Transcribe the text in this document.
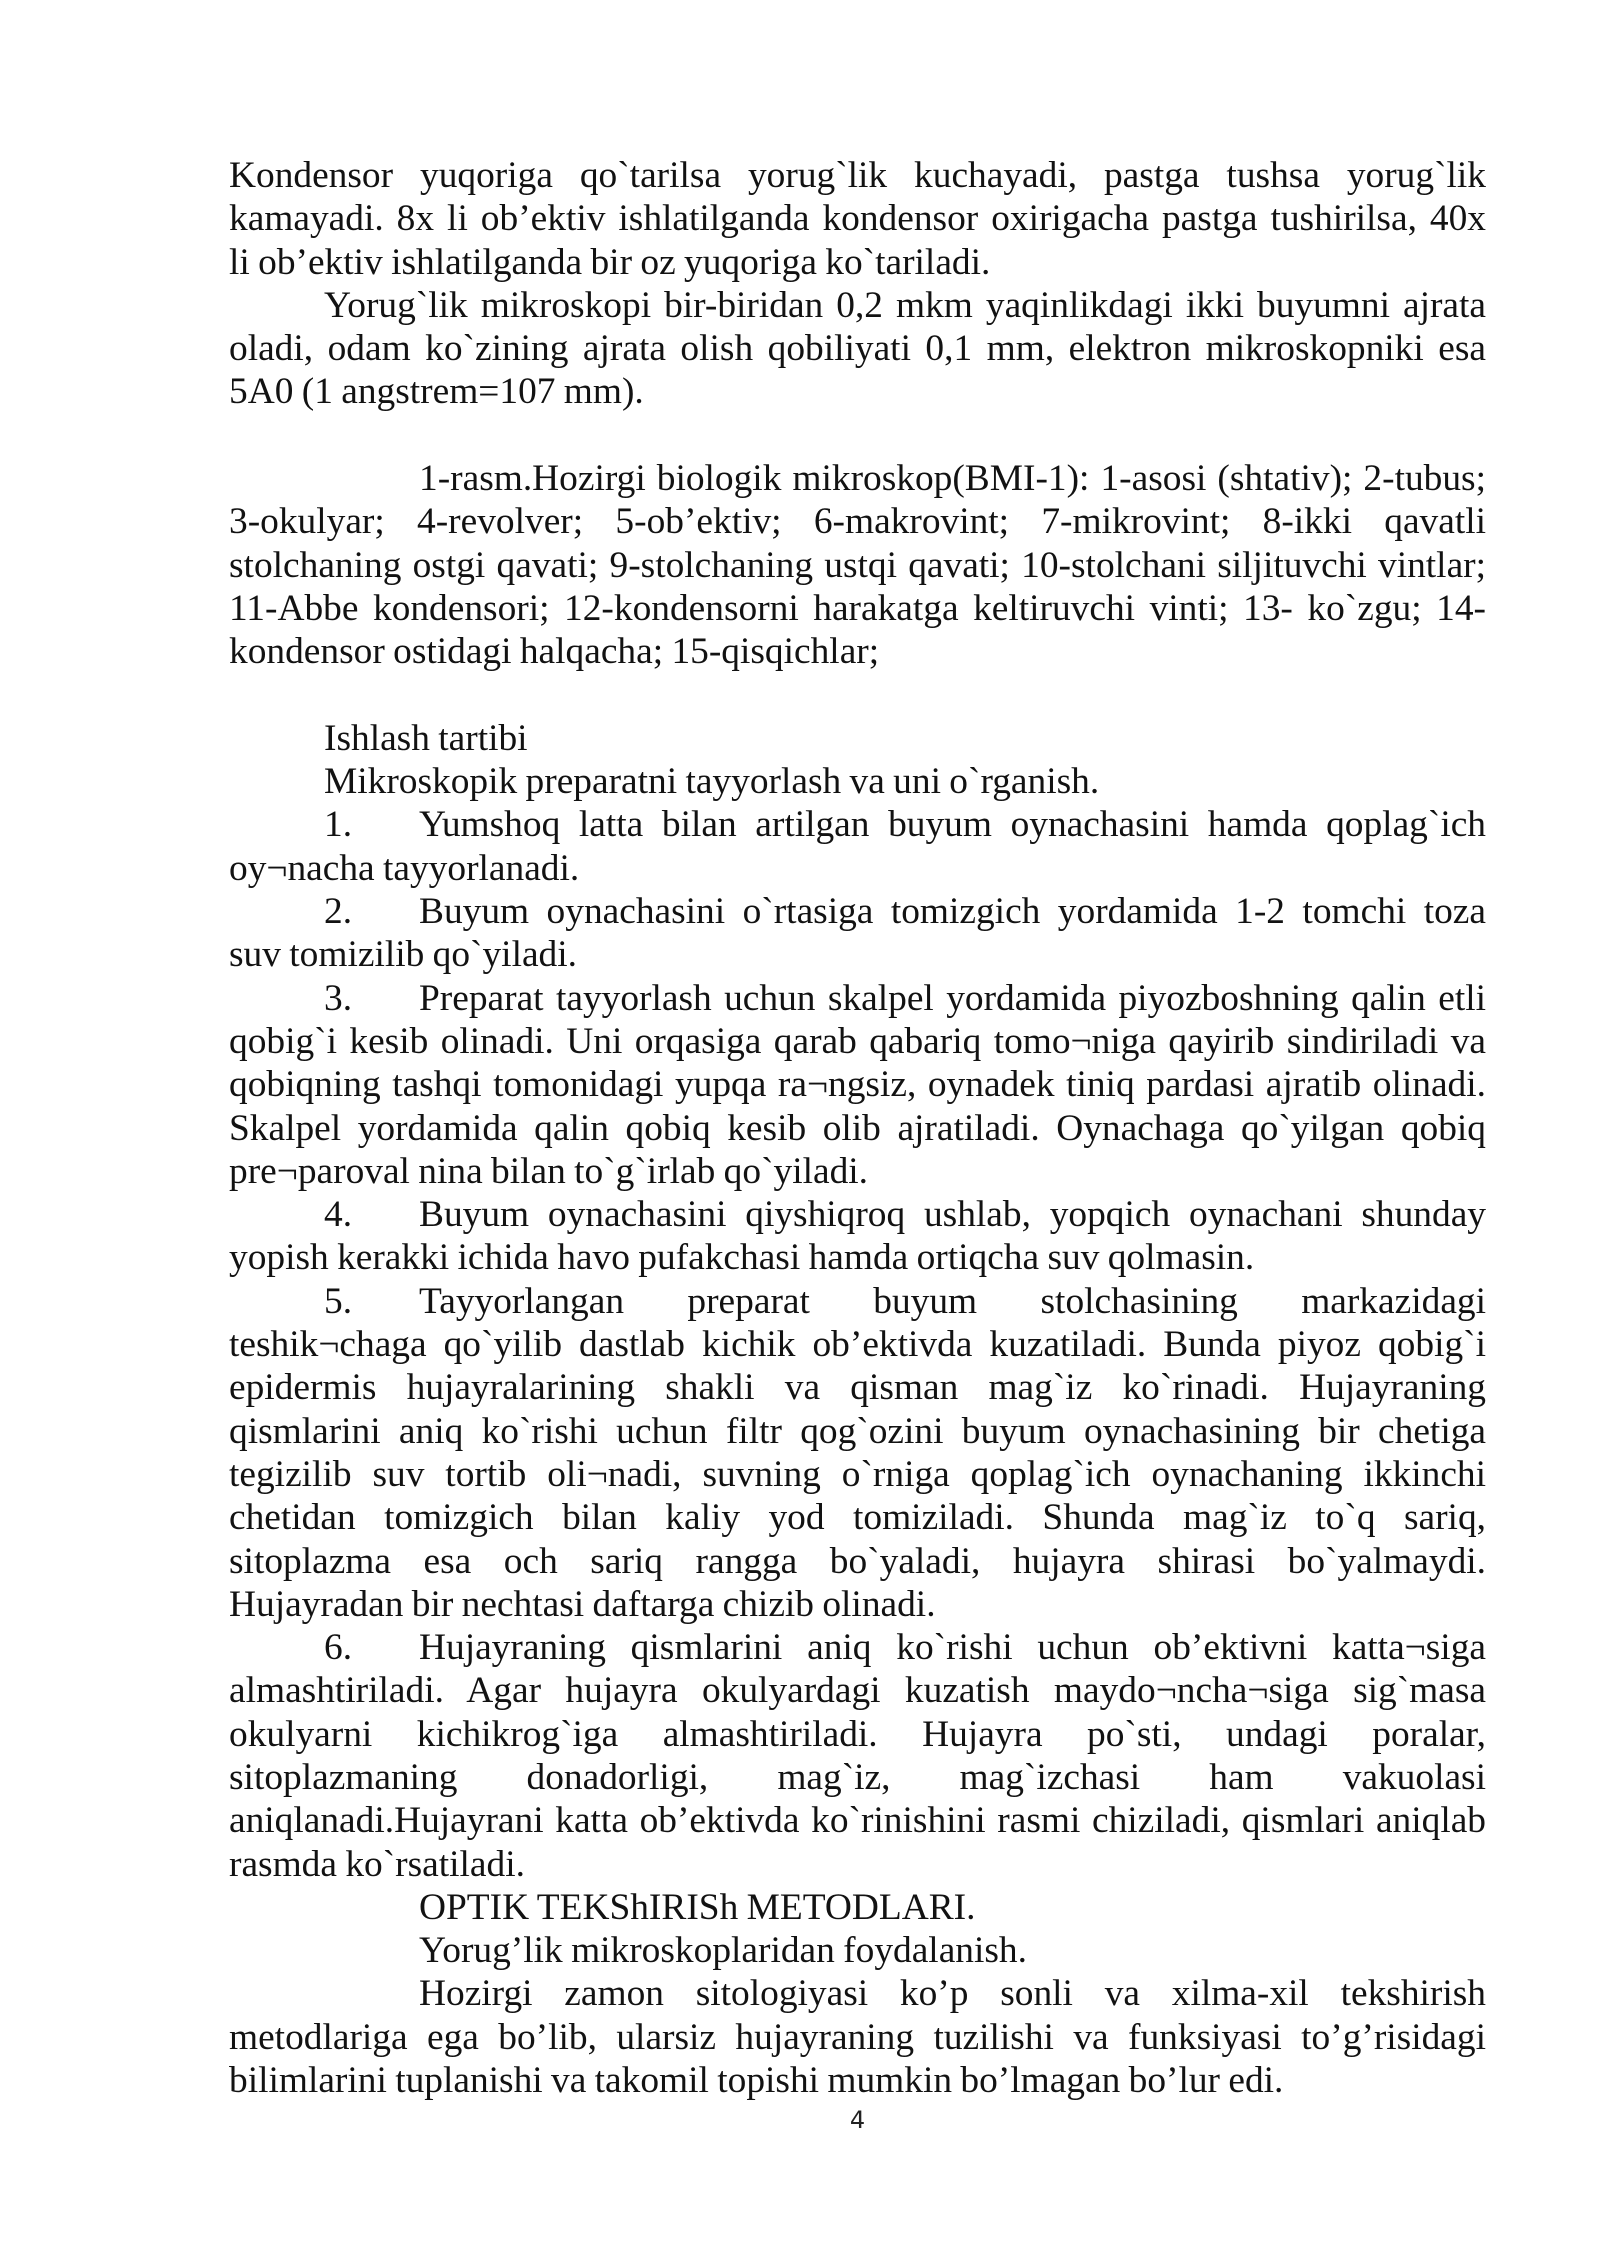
Kondensor yuqoriga qo`tarilsa yorug`lik kuchayadi, pastga tushsa yorug`lik
kamayadi. 8x li ob’ektiv ishlatilganda kondensor oxirigacha pastga tushirilsa, 40x
li ob’ektiv ishlatilganda bir oz yuqoriga ko`tariladi.
Yorug`lik mikroskopi bir-biridan 0,2 mkm yaqinlikdagi ikki buyumni ajrata
oladi, odam ko`zining ajrata olish qobiliyati 0,1 mm, elektron mikroskopniki esa
5A0 (1 angstrem=107 mm).
1-rasm.Hozirgi biologik mikroskop(BMI-1): 1-asosi (shtativ); 2-tubus;
3-okulyar; 4-revolver; 5-ob’ektiv; 6-makrovint; 7-mikrovint; 8-ikki qavatli
stolchaning ostgi qavati; 9-stolchaning ustqi qavati; 10-stolchani siljituvchi vintlar;
11-Abbe kondensori; 12-kondensorni harakatga keltiruvchi vinti; 13- ko`zgu; 14-
kondensor ostidagi halqacha; 15-qisqichlar;
Ishlash tartibi
Mikroskopik preparatni tayyorlash va uni o`rganish.
1.	Yumshoq latta bilan artilgan buyum oynachasini hamda qoplag`ich
oy¬nacha tayyorlanadi.
2.	Buyum oynachasini o`rtasiga tomizgich yordamida 1-2 tomchi toza
suv tomizilib qo`yiladi.
3.	Preparat tayyorlash uchun skalpel yordamida piyozboshning qalin etli
qobig`i kesib olinadi. Uni orqasiga qarab qabariq tomo¬niga qayirib sindiriladi va
qobiqning tashqi tomonidagi yupqa ra¬ngsiz, oynadek tiniq pardasi ajratib olinadi.
Skalpel yordamida qalin qobiq kesib olib ajratiladi. Oynachaga qo`yilgan qobiq
pre¬paroval nina bilan to`g`irlab qo`yiladi.
4.	Buyum oynachasini qiyshiqroq ushlab, yopqich oynachani shunday
yopish kerakki ichida havo pufakchasi hamda ortiqcha suv qolmasin.
5.	Tayyorlangan preparat buyum stolchasining markazidagi
teshik¬chaga qo`yilib dastlab kichik ob’ektivda kuzatiladi. Bunda piyoz qobig`i
epidermis hujayralarining shakli va qisman mag`iz ko`rinadi. Hujayraning
qismlarini aniq ko`rishi uchun filtr qog`ozini buyum oynachasining bir chetiga
tegizilib suv tortib oli¬nadi, suvning o`rniga qoplag`ich oynachaning ikkinchi
chetidan tomizgich bilan kaliy yod tomiziladi. Shunda mag`iz to`q sariq,
sitoplazma esa och sariq rangga bo`yaladi, hujayra shirasi bo`yalmaydi.
Hujayradan bir nechtasi daftarga chizib olinadi.
6.	Hujayraning qismlarini aniq ko`rishi uchun ob’ektivni katta¬siga
almashtiriladi. Agar hujayra okulyardagi kuzatish maydo¬ncha¬siga sig`masa
okulyarni kichikrog`iga almashtiriladi. Hujayra po`sti, undagi poralar,
sitoplazmaning donadorligi, mag`iz, mag`izchasi ham vakuolasi
aniqlanadi.Hujayrani katta ob’ektivda ko`rinishini rasmi chiziladi, qismlari aniqlab
rasmda ko`rsatiladi.
OPTIK TEKShIRISh METODLARI.
Yorug’lik mikroskoplaridan foydalanish.
Hozirgi zamon sitologiyasi ko’p sonli va xilma-xil tekshirish
metodlariga ega bo’lib, ularsiz hujayraning tuzilishi va funksiyasi to’g’risidagi
bilimlarini tuplanishi va takomil topishi mumkin bo’lmagan bo’lur edi.
4
